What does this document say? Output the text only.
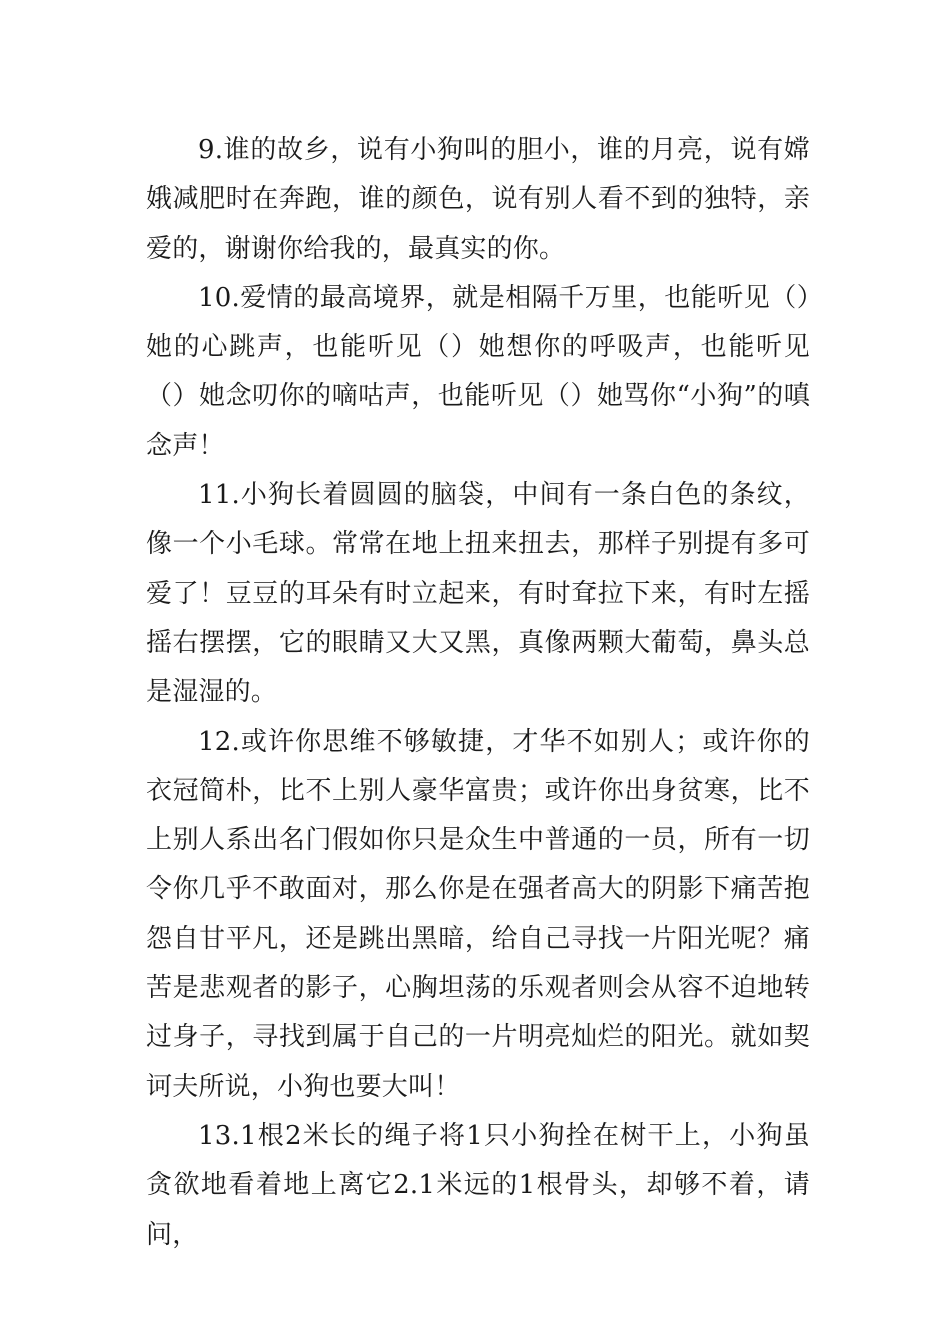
9.谁的故乡，说有小狗叫的胆小，谁的月亮，说有嫦娥减肥时在奔跑，谁的颜色，说有别人看不到的独特，亲爱的，谢谢你给我的，最真实的你。

10.爱情的最高境界，就是相隔千万里，也能听见（）她的心跳声，也能听见（）她想你的呼吸声，也能听见（）她念叨你的嘀咕声，也能听见（）她骂你“小狗”的嗔念声！

11.小狗长着圆圆的脑袋，中间有一条白色的条纹，像一个小毛球。常常在地上扭来扭去，那样子别提有多可爱了！豆豆的耳朵有时立起来，有时耷拉下来，有时左摇摇右摆摆，它的眼睛又大又黑，真像两颗大葡萄，鼻头总是湿湿的。

12.或许你思维不够敏捷，才华不如别人；或许你的衣冠简朴，比不上别人豪华富贵；或许你出身贫寒，比不上别人系出名门假如你只是众生中普通的一员，所有一切令你几乎不敢面对，那么你是在强者高大的阴影下痛苦抱怨自甘平凡，还是跳出黑暗，给自己寻找一片阳光呢？痛苦是悲观者的影子，心胸坦荡的乐观者则会从容不迫地转过身子，寻找到属于自己的一片明亮灿烂的阳光。就如契诃夫所说，小狗也要大叫！

13.1根2米长的绳子将1只小狗拴在树干上，小狗虽贪欲地看着地上离它2.1米远的1根骨头，却够不着，请问，
